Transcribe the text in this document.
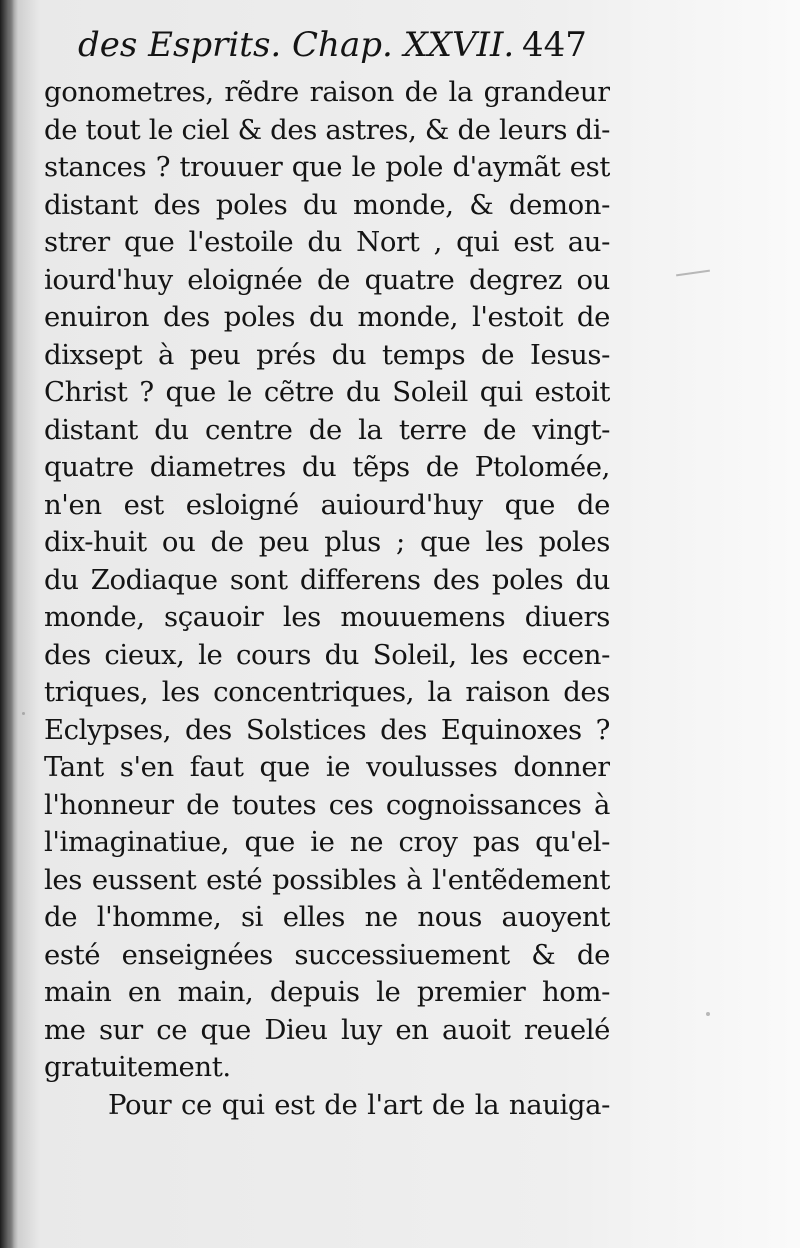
des Esprits. Chap. XXVII. 447
gonometres, rẽdre raison de la grandeur
de tout le ciel & des astres, & de leurs di-
stances ? trouuer que le pole d'aymãt est
distant des poles du monde, & demon-
strer que l'estoile du Nort , qui est au-
iourd'huy eloignée de quatre degrez ou
enuiron des poles du monde, l'estoit de
dixsept à peu prés du temps de Iesus-
Christ ? que le cẽtre du Soleil qui estoit
distant du centre de la terre de vingt-
quatre diametres du tẽps de Ptolomée,
n'en est esloigné auiourd'huy que de
dix-huit ou de peu plus ; que les poles
du Zodiaque sont differens des poles du
monde, sçauoir les mouuemens diuers
des cieux, le cours du Soleil, les eccen-
triques, les concentriques, la raison des
Eclypses, des Solstices des Equinoxes ?
Tant s'en faut que ie voulusses donner
l'honneur de toutes ces cognoissances à
l'imaginatiue, que ie ne croy pas qu'el-
les eussent esté possibles à l'entẽdement
de l'homme, si elles ne nous auoyent
esté enseignées successiuement & de
main en main, depuis le premier hom-
me sur ce que Dieu luy en auoit reuelé
gratuitement.
Pour ce qui est de l'art de la nauiga-
